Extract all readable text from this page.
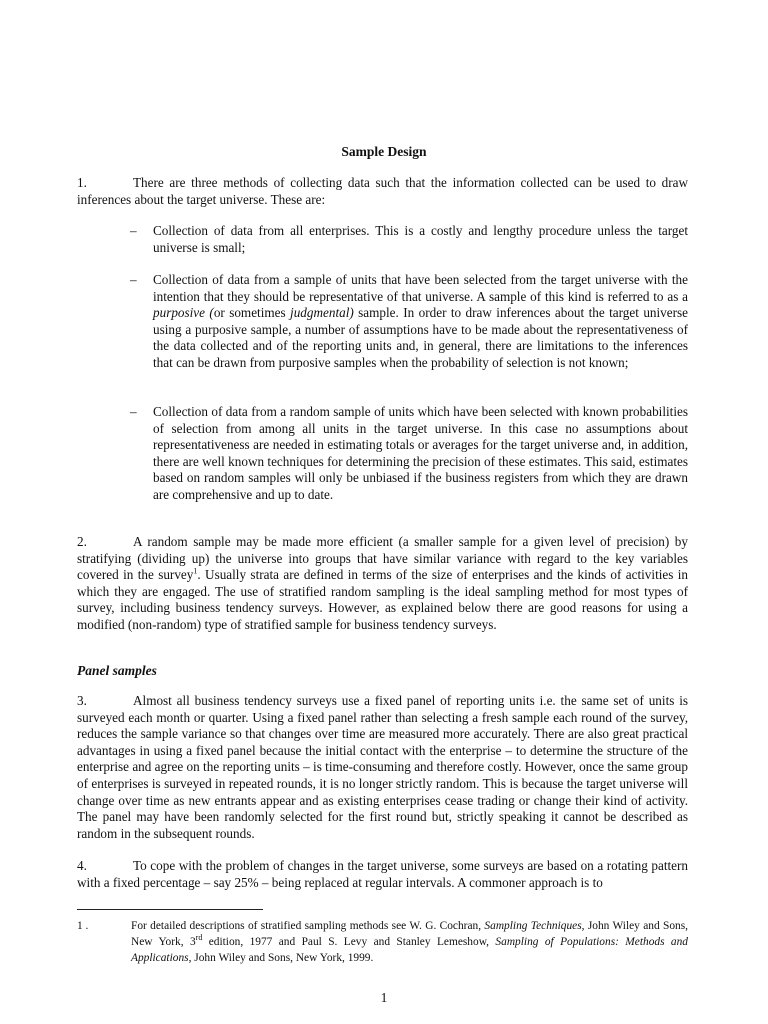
Sample Design

1.	There are three methods of collecting data such that the information collected can be used to draw inferences about the target universe. These are:

– Collection of data from all enterprises. This is a costly and lengthy procedure unless the target universe is small;
– Collection of data from a sample of units that have been selected from the target universe with the intention that they should be representative of that universe. A sample of this kind is referred to as a purposive (or sometimes judgmental) sample. In order to draw inferences about the target universe using a purposive sample, a number of assumptions have to be made about the representativeness of the data collected and of the reporting units and, in general, there are limitations to the inferences that can be drawn from purposive samples when the probability of selection is not known;
– Collection of data from a random sample of units which have been selected with known probabilities of selection from among all units in the target universe. In this case no assumptions about representativeness are needed in estimating totals or averages for the target universe and, in addition, there are well known techniques for determining the precision of these estimates. This said, estimates based on random samples will only be unbiased if the business registers from which they are drawn are comprehensive and up to date.

2.	A random sample may be made more efficient (a smaller sample for a given level of precision) by stratifying (dividing up) the universe into groups that have similar variance with regard to the key variables covered in the survey$^1$. Usually strata are defined in terms of the size of enterprises and the kinds of activities in which they are engaged. The use of stratified random sampling is the ideal sampling method for most types of survey, including business tendency surveys. However, as explained below there are good reasons for using a modified (non-random) type of stratified sample for business tendency surveys.

Panel samples

3.	Almost all business tendency surveys use a fixed panel of reporting units i.e. the same set of units is surveyed each month or quarter. Using a fixed panel rather than selecting a fresh sample each round of the survey, reduces the sample variance so that changes over time are measured more accurately. There are also great practical advantages in using a fixed panel because the initial contact with the enterprise – to determine the structure of the enterprise and agree on the reporting units – is time-consuming and therefore costly. However, once the same group of enterprises is surveyed in repeated rounds, it is no longer strictly random. This is because the target universe will change over time as new entrants appear and as existing enterprises cease trading or change their kind of activity. The panel may have been randomly selected for the first round but, strictly speaking it cannot be described as random in the subsequent rounds.

4.	To cope with the problem of changes in the target universe, some surveys are based on a rotating pattern with a fixed percentage – say 25% – being replaced at regular intervals. A commoner approach is to

1 .	For detailed descriptions of stratified sampling methods see W. G. Cochran, Sampling Techniques, John Wiley and Sons, New York, 3rd edition, 1977 and Paul S. Levy and Stanley Lemeshow, Sampling of Populations: Methods and Applications, John Wiley and Sons, New York, 1999.
1
